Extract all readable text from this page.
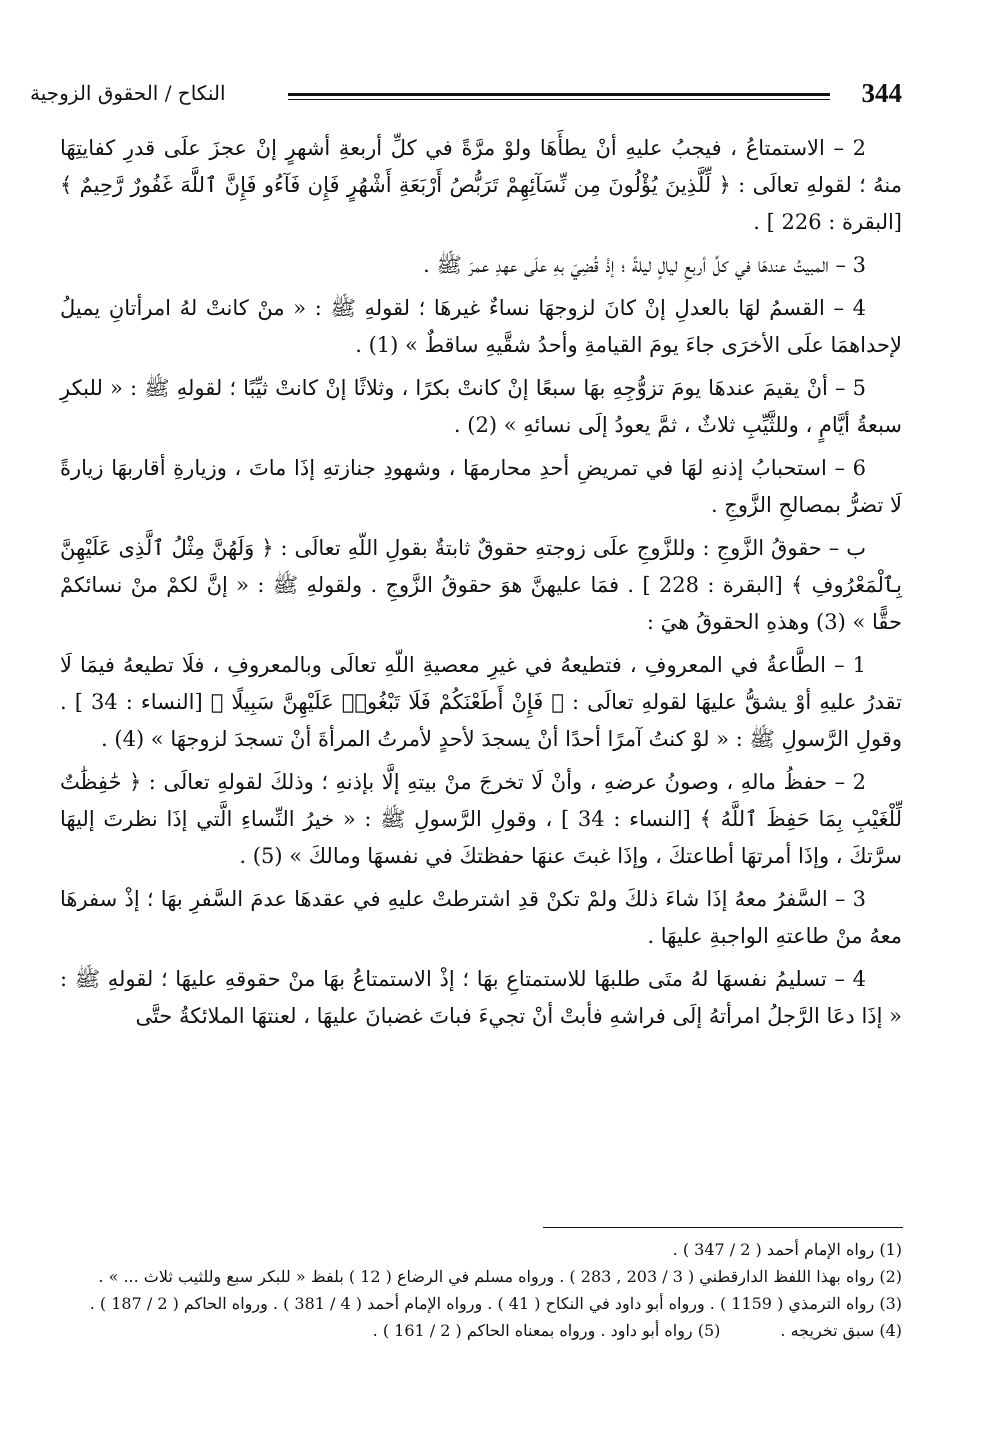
344
النكاح / الحقوق الزوجية

2 – الاستمتاعُ ، فيجبُ عليهِ أنْ يطأَهَا ولوْ مرَّةً في كلِّ أربعةِ أشهرٍ إنْ عجزَ علَى قدرِ كفايتِهَا منهُ ؛ لقولهِ تعالَى : ﴿ لِّلَّذِينَ يُؤْلُونَ مِن نِّسَآئِهِمْ تَرَبُّصُ أَرْبَعَةِ أَشْهُرٍ فَإِن فَآءُو فَإِنَّ ٱللَّهَ غَفُورٌ رَّحِيمٌ ﴾ [البقرة : 226 ] .

3 – المبيتُ عندهَا في كلِّ أربعِ ليالٍ ليلةً ؛ إذْ قُضِيَ بهِ علَى عهدِ عمرَ ﷺ .

4 – القسمُ لهَا بالعدلِ إنْ كانَ لزوجهَا نساءٌ غيرهَا ؛ لقولهِ ﷺ : « منْ كانتْ لهُ امرأتانِ يميلُ لإحداهمَا علَى الأخرَى جاءَ يومَ القيامةِ وأحدُ شقَّيهِ ساقطٌ » (1) .

5 – أنْ يقيمَ عندهَا يومَ تزوُّجِهِ بهَا سبعًا إنْ كانتْ بكرًا ، وثلاثًا إنْ كانتْ ثيِّبًا ؛ لقولهِ ﷺ : « للبكرِ سبعةُ أيَّامٍ ، وللثَّيِّبِ ثلاثٌ ، ثمَّ يعودُ إلَى نسائهِ » (2) .

6 – استحبابُ إذنهِ لهَا في تمريضِ أحدِ محارمهَا ، وشهودِ جنازتهِ إذَا ماتَ ، وزيارةِ أقاربهَا زيارةً لَا تضرُّ بمصالحِ الزَّوجِ .

ب – حقوقُ الزَّوجِ : وللزَّوجِ علَى زوجتهِ حقوقٌ ثابتةٌ بقولِ اللّهِ تعالَى : ﴿ وَلَهُنَّ مِثْلُ ٱلَّذِى عَلَيْهِنَّ بِٱلْمَعْرُوفِ ﴾ [البقرة : 228 ] . فمَا عليهنَّ هوَ حقوقُ الزَّوجِ . ولقولهِ ﷺ : « إنَّ لكمْ منْ نسائكمْ حقًّا » (3) وهذهِ الحقوقُ هيَ :

1 – الطَّاعةُ في المعروفِ ، فتطيعهُ في غيرِ معصيةِ اللّهِ تعالَى وبالمعروفِ ، فلَا تطيعهُ فيمَا لَا تقدرُ عليهِ أوْ يشقُّ عليهَا لقولهِ تعالَى : ﴿ فَإِنْ أَطَعْنَكُمْ فَلَا تَبْغُوا۟ عَلَيْهِنَّ سَبِيلًا ﴾ [النساء : 34 ] . وقولِ الرَّسولِ ﷺ : « لوْ كنتُ آمرًا أحدًا أنْ يسجدَ لأحدٍ لأمرتُ المرأةَ أنْ تسجدَ لزوجهَا » (4) .

2 – حفظُ مالهِ ، وصونُ عرضهِ ، وأنْ لَا تخرجَ منْ بيتهِ إلَّا بإذنهِ ؛ وذلكَ لقولهِ تعالَى : ﴿ حَٰفِظَٰتٌ لِّلْغَيْبِ بِمَا حَفِظَ ٱللَّهُ ﴾ [النساء : 34 ] ، وقولِ الرَّسولِ ﷺ : « خيرُ النِّساءِ الَّتي إذَا نظرتَ إليهَا سرَّتكَ ، وإذَا أمرتهَا أطاعتكَ ، وإذَا غبتَ عنهَا حفظتكَ في نفسهَا ومالكَ » (5) .

3 – السَّفرُ معهُ إذَا شاءَ ذلكَ ولمْ تكنْ قدِ اشترطتْ عليهِ في عقدهَا عدمَ السَّفرِ بهَا ؛ إذْ سفرهَا معهُ منْ طاعتهِ الواجبةِ عليهَا .

4 – تسليمُ نفسهَا لهُ متَى طلبهَا للاستمتاعِ بهَا ؛ إذْ الاستمتاعُ بهَا منْ حقوقهِ عليهَا ؛ لقولهِ ﷺ : « إذَا دعَا الرَّجلُ امرأتهُ إلَى فراشهِ فأبتْ أنْ تجيءَ فباتَ غضبانَ عليهَا ، لعنتهَا الملائكةُ حتَّى

(1) رواه الإمام أحمد ( 2 / 347 ) .

(2) رواه بهذا اللفظ الدارقطني ( 3 / 203 , 283 ) . ورواه مسلم في الرضاع ( 12 ) بلفظ « للبكر سبع وللثيب ثلاث ... » .

(3) رواه الترمذي ( 1159 ) . ورواه أبو داود في النكاح ( 41 ) . ورواه الإمام أحمد ( 4 / 381 ) . ورواه الحاكم ( 2 / 187 ) .

(4) سبق تخريجه .

(5) رواه أبو داود . ورواه بمعناه الحاكم ( 2 / 161 ) .
